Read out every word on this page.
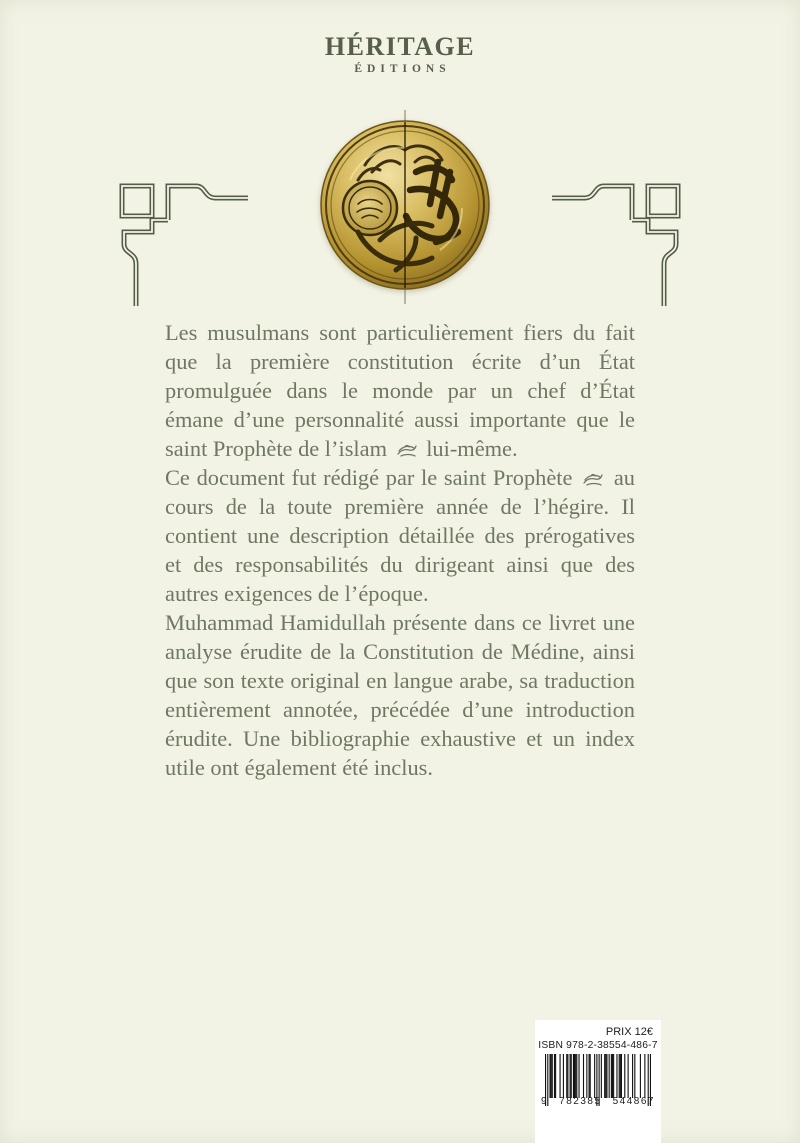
HÉRITAGE
ÉDITIONS

Les musulmans sont particulièrement fiers du fait que la première constitution écrite d’un État promulguée dans le monde par un chef d’État émane d’une personnalité aussi importante que le saint Prophète de l’islam  lui-même.

Ce document fut rédigé par le saint Prophète  au cours de la toute première année de l’hégire. Il contient une description détaillée des prérogatives et des responsabilités du dirigeant ainsi que des autres exigences de l’époque.

Muhammad Hamidullah présente dans ce livret une analyse érudite de la Constitution de Médine, ainsi que son texte original en langue arabe, sa traduction entièrement annotée, précédée d’une introduction érudite. Une bibliographie exhaustive et un index utile ont également été inclus.

PRIX 12€
ISBN 978-2-38554-486-7
9 782385 544867
